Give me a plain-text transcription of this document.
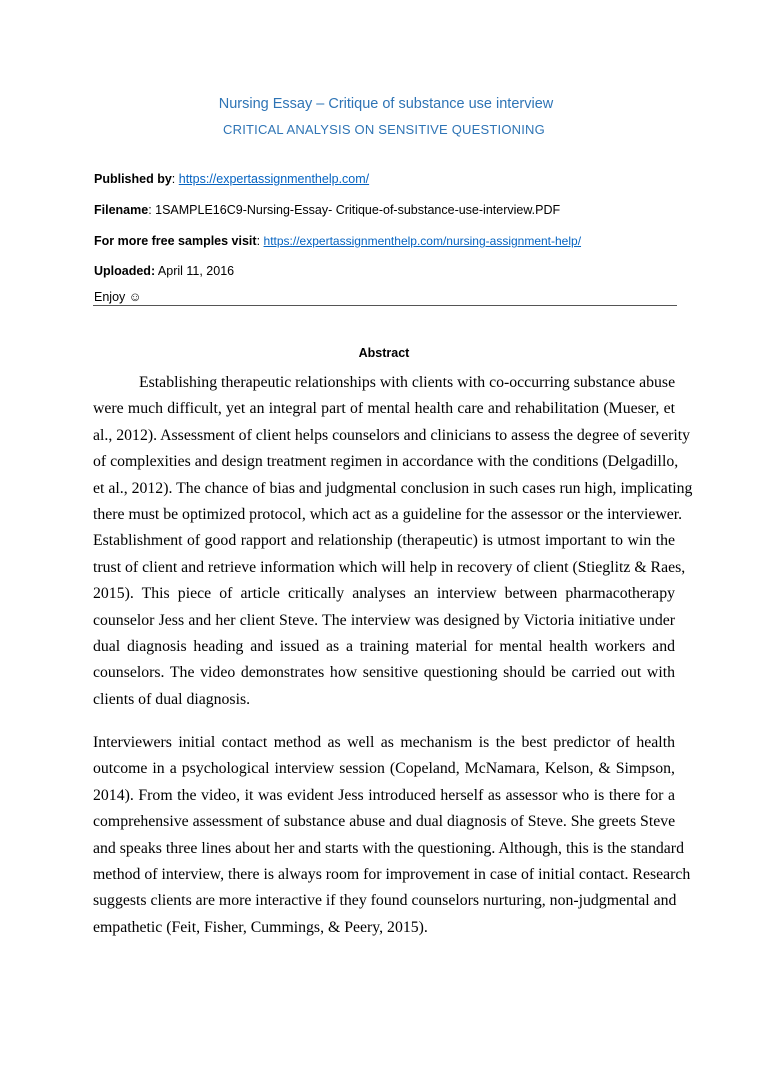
Nursing Essay – Critique of substance use interview
CRITICAL ANALYSIS ON SENSITIVE QUESTIONING
Published by: https://expertassignmenthelp.com/
Filename: 1SAMPLE16C9-Nursing-Essay- Critique-of-substance-use-interview.PDF
For more free samples visit: https://expertassignmenthelp.com/nursing-assignment-help/
Uploaded: April 11, 2016
Enjoy ☺
Abstract
Establishing therapeutic relationships with clients with co-occurring substance abuse
were much difficult, yet an integral part of mental health care and rehabilitation (Mueser, et
al., 2012). Assessment of client helps counselors and clinicians to assess the degree of severity
of complexities and design treatment regimen in accordance with the conditions (Delgadillo,
et al., 2012). The chance of bias and judgmental conclusion in such cases run high, implicating
there must be optimized protocol, which act as a guideline for the assessor or the interviewer.
Establishment of good rapport and relationship (therapeutic) is utmost important to win the
trust of client and retrieve information which will help in recovery of client (Stieglitz & Raes,
2015). This piece of article critically analyses an interview between pharmacotherapy
counselor Jess and her client Steve. The interview was designed by Victoria initiative under
dual diagnosis heading and issued as a training material for mental health workers and
counselors. The video demonstrates how sensitive questioning should be carried out with
clients of dual diagnosis.
Interviewers initial contact method as well as mechanism is the best predictor of health
outcome in a psychological interview session (Copeland, McNamara, Kelson, & Simpson,
2014). From the video, it was evident Jess introduced herself as assessor who is there for a
comprehensive assessment of substance abuse and dual diagnosis of Steve. She greets Steve
and speaks three lines about her and starts with the questioning. Although, this is the standard
method of interview, there is always room for improvement in case of initial contact. Research
suggests clients are more interactive if they found counselors nurturing, non-judgmental and
empathetic (Feit, Fisher, Cummings, & Peery, 2015).
